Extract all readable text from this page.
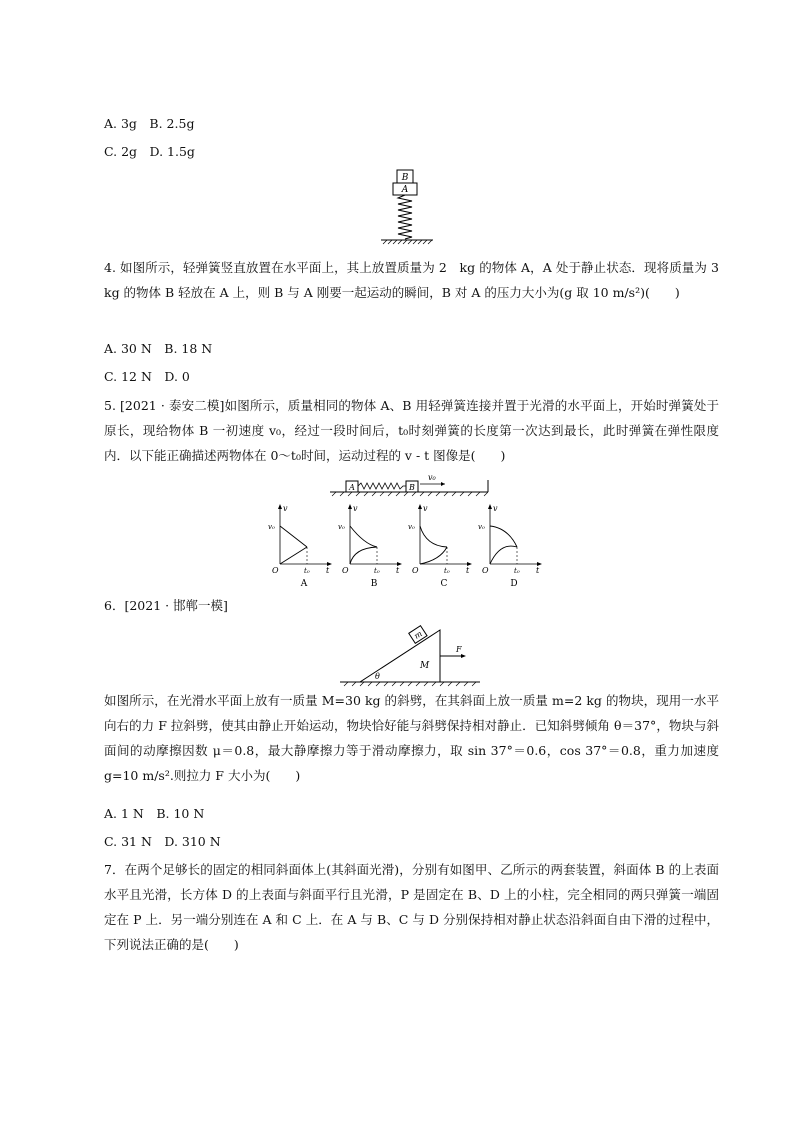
A. 3g　B. 2.5g
C. 2g　D. 1.5g
B
A
4. 如图所示，轻弹簧竖直放置在水平面上，其上放置质量为 2　kg 的物体 A，A 处于静止状态．现将质量为 3　kg 的物体 B 轻放在 A 上，则 B 与 A 刚要一起运动的瞬间，B 对 A 的压力大小为(g 取 10 m/s²)(　　)
A. 30 N　B. 18 N
C. 12 N　D. 0
5. [2021 · 泰安二模]如图所示，质量相同的物体 A、B 用轻弹簧连接并置于光滑的水平面上，开始时弹簧处于原长，现给物体 B 一初速度 v₀，经过一段时间后，t₀时刻弹簧的长度第一次达到最长，此时弹簧在弹性限度内．以下能正确描述两物体在 0～t₀时间，运动过程的 v - t 图像是(　　)
A	B
v₀
v
t
O
v₀
t₀
A
v
t
O
v₀
t₀
B
v
t
O
v₀
t₀
C
v
t
O
v₀
t₀
D
6．[2021 · 邯郸一模]
m
M
θ
F
如图所示，在光滑水平面上放有一质量 M=30 kg 的斜劈，在其斜面上放一质量 m=2 kg 的物块，现用一水平向右的力 F 拉斜劈，使其由静止开始运动，物块恰好能与斜劈保持相对静止．已知斜劈倾角 θ＝37°，物块与斜面间的动摩擦因数 μ＝0.8，最大静摩擦力等于滑动摩擦力，取 sin 37°＝0.6，cos 37°＝0.8，重力加速度 g=10 m/s².则拉力 F 大小为(　　)
A. 1 N　B. 10 N
C. 31 N　D. 310 N
7．在两个足够长的固定的相同斜面体上(其斜面光滑)，分别有如图甲、乙所示的两套装置，斜面体 B 的上表面水平且光滑，长方体 D 的上表面与斜面平行且光滑，P 是固定在 B、D 上的小柱，完全相同的两只弹簧一端固定在 P 上．另一端分别连在 A 和 C 上．在 A 与 B、C 与 D 分别保持相对静止状态沿斜面自由下滑的过程中，下列说法正确的是(　　)
